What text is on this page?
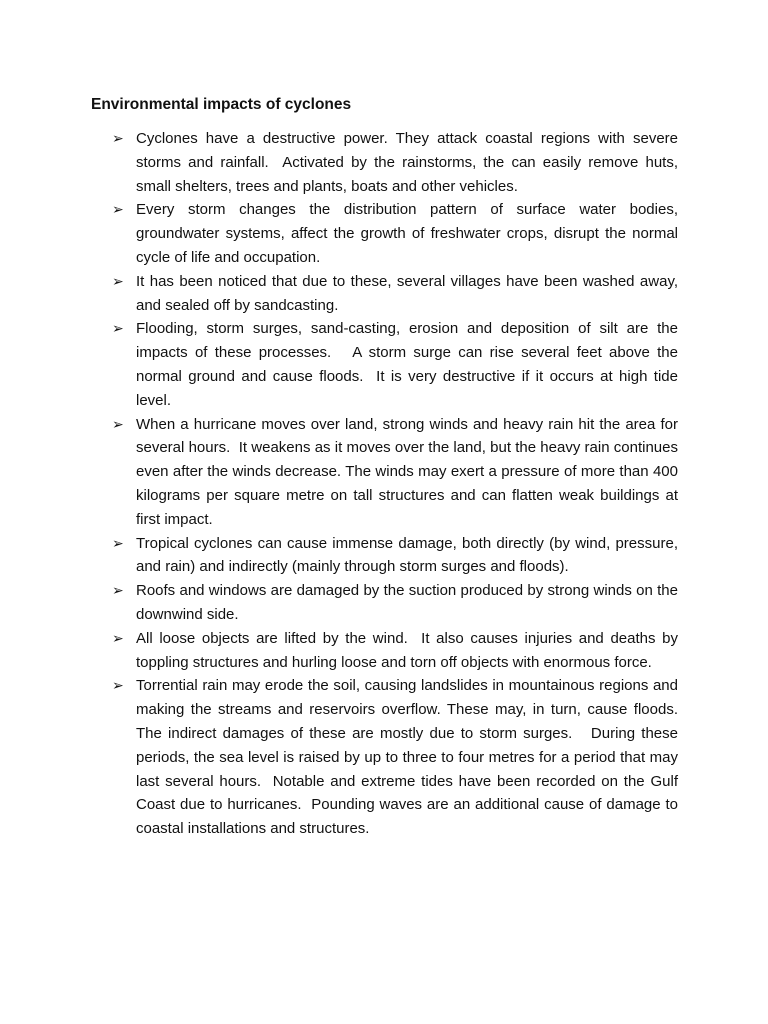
Environmental impacts of cyclones
➢ Cyclones have a destructive power. They attack coastal regions with severe storms and rainfall.  Activated by the rainstorms, the can easily remove huts, small shelters, trees and plants, boats and other vehicles.
➢ Every storm changes the distribution pattern of surface water bodies, groundwater systems, affect the growth of freshwater crops, disrupt the normal cycle of life and occupation.
➢ It has been noticed that due to these, several villages have been washed away, and sealed off by sandcasting.
➢ Flooding, storm surges, sand-casting, erosion and deposition of silt are the impacts of these processes.   A storm surge can rise several feet above the normal ground and cause floods.  It is very destructive if it occurs at high tide level.
➢ When a hurricane moves over land, strong winds and heavy rain hit the area for several hours.  It weakens as it moves over the land, but the heavy rain continues even after the winds decrease. The winds may exert a pressure of more than 400 kilograms per square metre on tall structures and can flatten weak buildings at first impact.
➢ Tropical cyclones can cause immense damage, both directly (by wind, pressure, and rain) and indirectly (mainly through storm surges and floods).
➢ Roofs and windows are damaged by the suction produced by strong winds on the downwind side.
➢ All loose objects are lifted by the wind.  It also causes injuries and deaths by toppling structures and hurling loose and torn off objects with enormous force.
➢ Torrential rain may erode the soil, causing landslides in mountainous regions and making the streams and reservoirs overflow. These may, in turn, cause floods. The indirect damages of these are mostly due to storm surges.   During these periods, the sea level is raised by up to three to four metres for a period that may last several hours.  Notable and extreme tides have been recorded on the Gulf Coast due to hurricanes.  Pounding waves are an additional cause of damage to coastal installations and structures.
